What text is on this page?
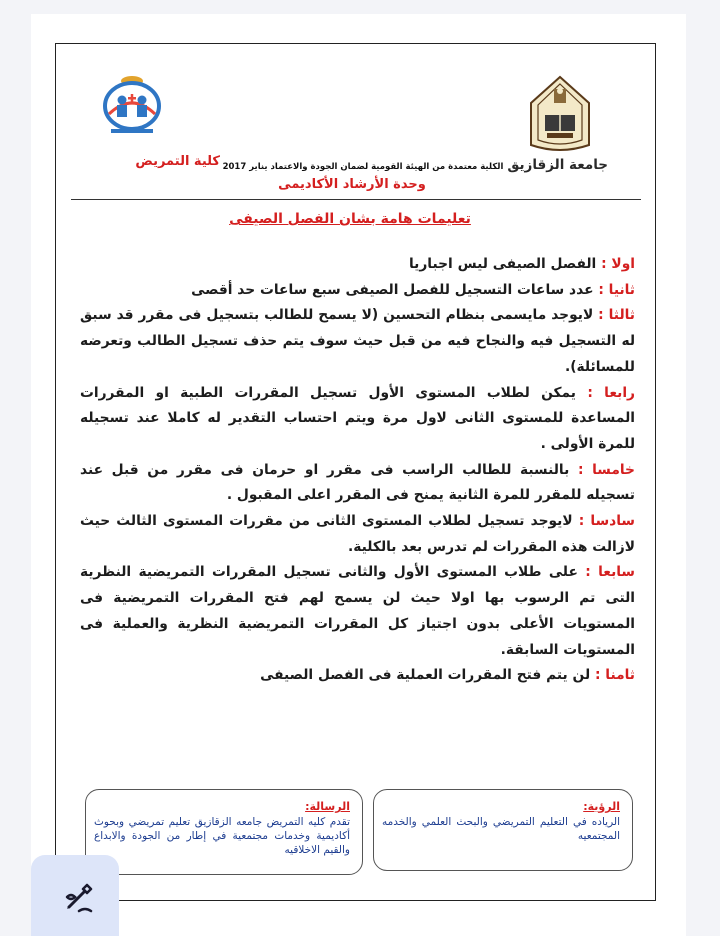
جامعة الزقازيق
كلية التمريض الكلية معتمدة من الهيئة القومية لضمان الجودة والاعتماد يناير 2017
وحدة الأرشاد الأكاديمى
تعليمات هامة بشان الفصل الصيفى

اولا : الفصل الصيفى ليس اجباريا

ثانيا : عدد ساعات التسجيل للفصل الصيفى سبع ساعات حد أقصى

ثالثا : لايوجد مايسمى بنظام التحسين (لا يسمح للطالب بتسجيل فى مقرر قد سبق له التسجيل فيه والنجاح فيه من قبل حيث سوف يتم حذف تسجيل الطالب وتعرضه للمسائلة).

رابعا : يمكن لطلاب المستوى الأول تسجيل المقررات الطبية او المقررات المساعدة للمستوى الثانى لاول مرة ويتم احتساب التقدير له كاملا عند تسجيله للمرة الأولى .

خامسا : بالنسبة للطالب الراسب فى مقرر او حرمان فى مقرر من قبل عند تسجيله للمقرر للمرة الثانية يمنح فى المقرر اعلى المقبول .

سادسا : لايوجد تسجيل لطلاب المستوى الثانى من مقررات المستوى الثالث حيث لازالت هذه المقررات لم تدرس بعد بالكلية.

سابعا : على طلاب المستوى الأول والثانى تسجيل المقررات التمريضية النظرية التى تم الرسوب بها اولا حيث لن يسمح لهم فتح المقررات التمريضية فى المستويات الأعلى بدون اجتياز كل المقررات التمريضية النظرية والعملية فى المستويات السابقة.

ثامنا : لن يتم فتح المقررات العملية فى الفصل الصيفى

الرؤية:
الرياده في التعليم التمريضي والبحث العلمي والخدمه المجتمعيه
الرسالة:
تقدم كليه التمريض جامعه الزقازيق تعليم تمريضي وبحوث أكاديمية وخدمات مجتمعية في إطار من الجودة والابداع والقيم الاخلاقيه
